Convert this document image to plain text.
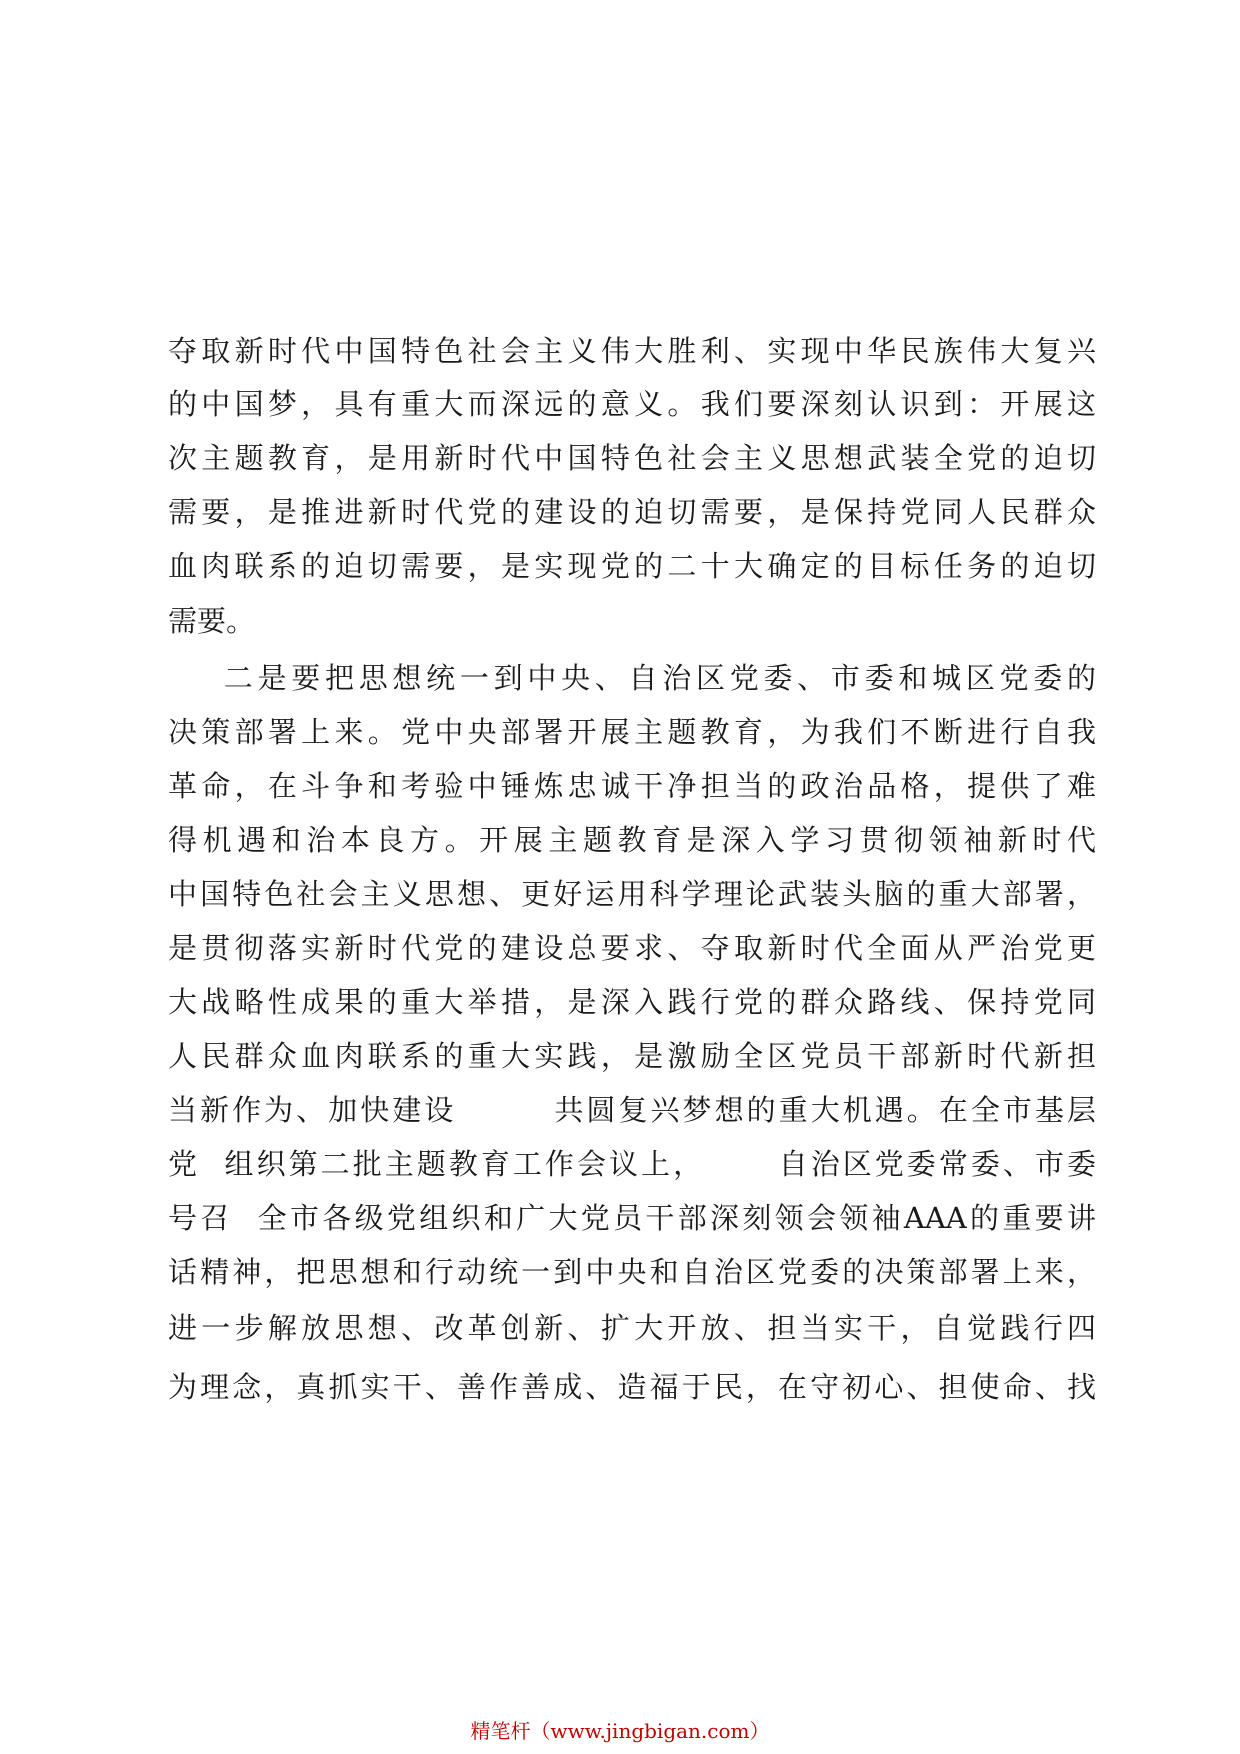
夺取新时代中国特色社会主义伟大胜利、实现中华民族伟大复兴
的中国梦，具有重大而深远的意义。我们要深刻认识到：开展这
次主题教育，是用新时代中国特色社会主义思想武装全党的迫切
需要，是推进新时代党的建设的迫切需要，是保持党同人民群众
血肉联系的迫切需要，是实现党的二十大确定的目标任务的迫切
需要。
二是要把思想统一到中央、自治区党委、市委和城区党委的
决策部署上来。党中央部署开展主题教育，为我们不断进行自我
革命，在斗争和考验中锤炼忠诚干净担当的政治品格，提供了难
得机遇和治本良方。开展主题教育是深入学习贯彻领袖新时代
中国特色社会主义思想、更好运用科学理论武装头脑的重大部署，
是贯彻落实新时代党的建设总要求、夺取新时代全面从严治党更
大战略性成果的重大举措，是深入践行党的群众路线、保持党同
人民群众血肉联系的重大实践，是激励全区党员干部新时代新担
当新作为、加快建设        共圆复兴梦想的重大机遇。在全市基层
党  组织第二批主题教育工作会议上，      自治区党委常委、市委
号召  全市各级党组织和广大党员干部深刻领会领袖AAA的重要讲
话精神，把思想和行动统一到中央和自治区党委的决策部署上来，
进一步解放思想、改革创新、扩大开放、担当实干，自觉践行四
为理念，真抓实干、善作善成、造福于民，在守初心、担使命、找
精笔杆（www.jingbigan.com）
